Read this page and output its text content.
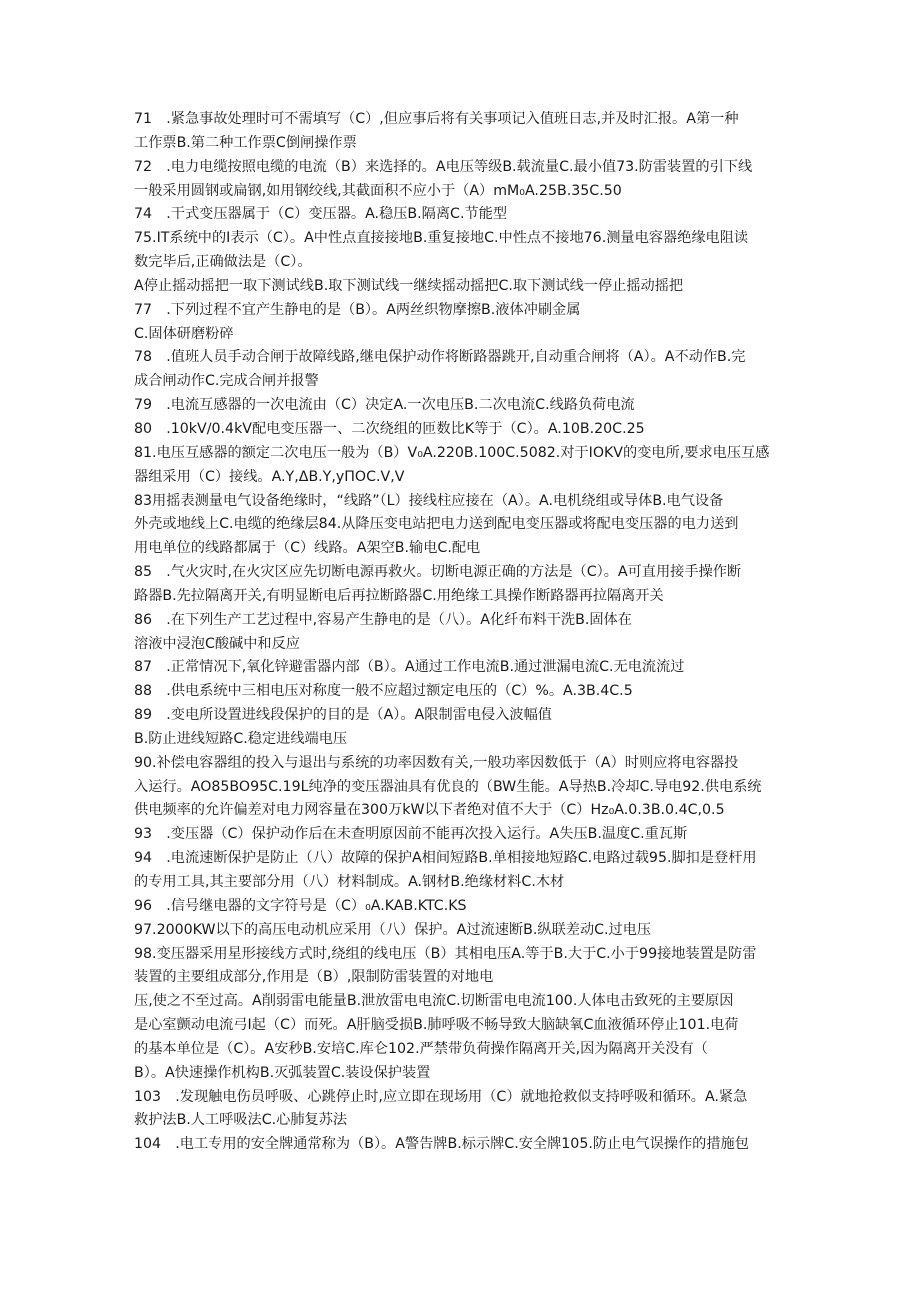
71　.紧急事故处理时可不需填写（C）,但应事后将有关事项记入值班日志,并及时汇报。A第一种

工作票B.第二种工作票C倒闸操作票

72　.电力电缆按照电缆的电流（B）来选择的。A电压等级B.载流量C.最小值73.防雷装置的引下线

一般采用圆钢或扁钢,如用钢绞线,其截面积不应小于（A）mM₀A.25B.35C.50

74　.干式变压器属于（C）变压器。A.稳压B.隔离C.节能型

75.IT系统中的I表示（C）。A中性点直接接地B.重复接地C.中性点不接地76.测量电容器绝缘电阻读

数完毕后,正确做法是（C）。

A停止摇动摇把一取下测试线B.取下测试线一继续摇动摇把C.取下测试线一停止摇动摇把

77　.下列过程不宜产生静电的是（B）。A两丝织物摩擦B.液体冲刷金属

C.固体研磨粉碎

78　.值班人员手动合闸于故障线路,继电保护动作将断路器跳开,自动重合闸将（A）。A不动作B.完

成合闸动作C.完成合闸并报警

79　.电流互感器的一次电流由（C）决定A.一次电压B.二次电流C.线路负荷电流

80　.10kV∕0.4kV配电变压器一、二次绕组的匝数比K等于（C）。A.10B.20C.25

81.电压互感器的额定二次电压一般为（B）V₀A.220B.100C.5082.对于IOKV的变电所,要求电压互感

器组采用（C）接线。A.Y,ΔB.Y,yΠOC.V,V

83用摇表测量电气设备绝缘时，“线路”（L）接线柱应接在（A）。A.电机绕组或导体B.电气设备

外壳或地线上C.电缆的绝缘层84.从降压变电站把电力送到配电变压器或将配电变压器的电力送到

用电单位的线路都属于（C）线路。A架空B.输电C.配电

85　.气火灾时,在火灾区应先切断电源再救火。切断电源正确的方法是（C）。A可直用接手操作断

路器B.先拉隔离开关,有明显断电后再拉断路器C.用绝缘工具操作断路器再拉隔离开关

86　.在下列生产工艺过程中,容易产生静电的是（八）。A化纤布料干洗B.固体在

溶液中浸泡C酸碱中和反应

87　.正常情况下,氧化锌避雷器内部（B）。A通过工作电流B.通过泄漏电流C.无电流流过

88　.供电系统中三相电压对称度一般不应超过额定电压的（C）%。A.3B.4C.5

89　.变电所设置进线段保护的目的是（A）。A限制雷电侵入波幅值

B.防止进线短路C.稳定进线端电压

90.补偿电容器组的投入与退出与系统的功率因数有关,一般功率因数低于（A）时则应将电容器投

入运行。AO85BO95C.19L纯净的变压器油具有优良的（BW生能。A导热B.冷却C.导电92.供电系统

供电频率的允许偏差对电力网容量在300万kW以下者绝对值不大于（C）Hz₀A.0.3B.0.4C,0.5

93　.变压器（C）保护动作后在未查明原因前不能再次投入运行。A失压B.温度C.重瓦斯

94　.电流速断保护是防止（八）故障的保护A相间短路B.单相接地短路C.电路过载95.脚扣是登杆用

的专用工具,其主要部分用（八）材料制成。A.钢材B.绝缘材料C.木材

96　.信号继电器的文字符号是（C）₀A.KAB.KTC.KS

97.2000KW以下的高压电动机应采用（八）保护。A过流速断B.纵联差动C.过电压

98.变压器采用星形接线方式时,绕组的线电压（B）其相电压A.等于B.大于C.小于99接地装置是防雷

装置的主要组成部分,作用是（B）,限制防雷装置的对地电

压,使之不至过高。A削弱雷电能量B.泄放雷电电流C.切断雷电电流100.人体电击致死的主要原因

是心室颤动电流弓I起（C）而死。A肝脑受损B.肺呼吸不畅导致大脑缺氧C血液循环停止101.电荷

的基本单位是（C）。A安秒B.安培C.库仑102.严禁带负荷操作隔离开关,因为隔离开关没有（

B）。A快速操作机构B.灭弧装置C.装设保护装置

103　.发现触电伤员呼吸、心跳停止时,应立即在现场用（C）就地抢救似支持呼吸和循环。A.紧急

救护法B.人工呼吸法C.心肺复苏法

104　.电工专用的安全牌通常称为（B）。A警告牌B.标示牌C.安全牌105.防止电气误操作的措施包
